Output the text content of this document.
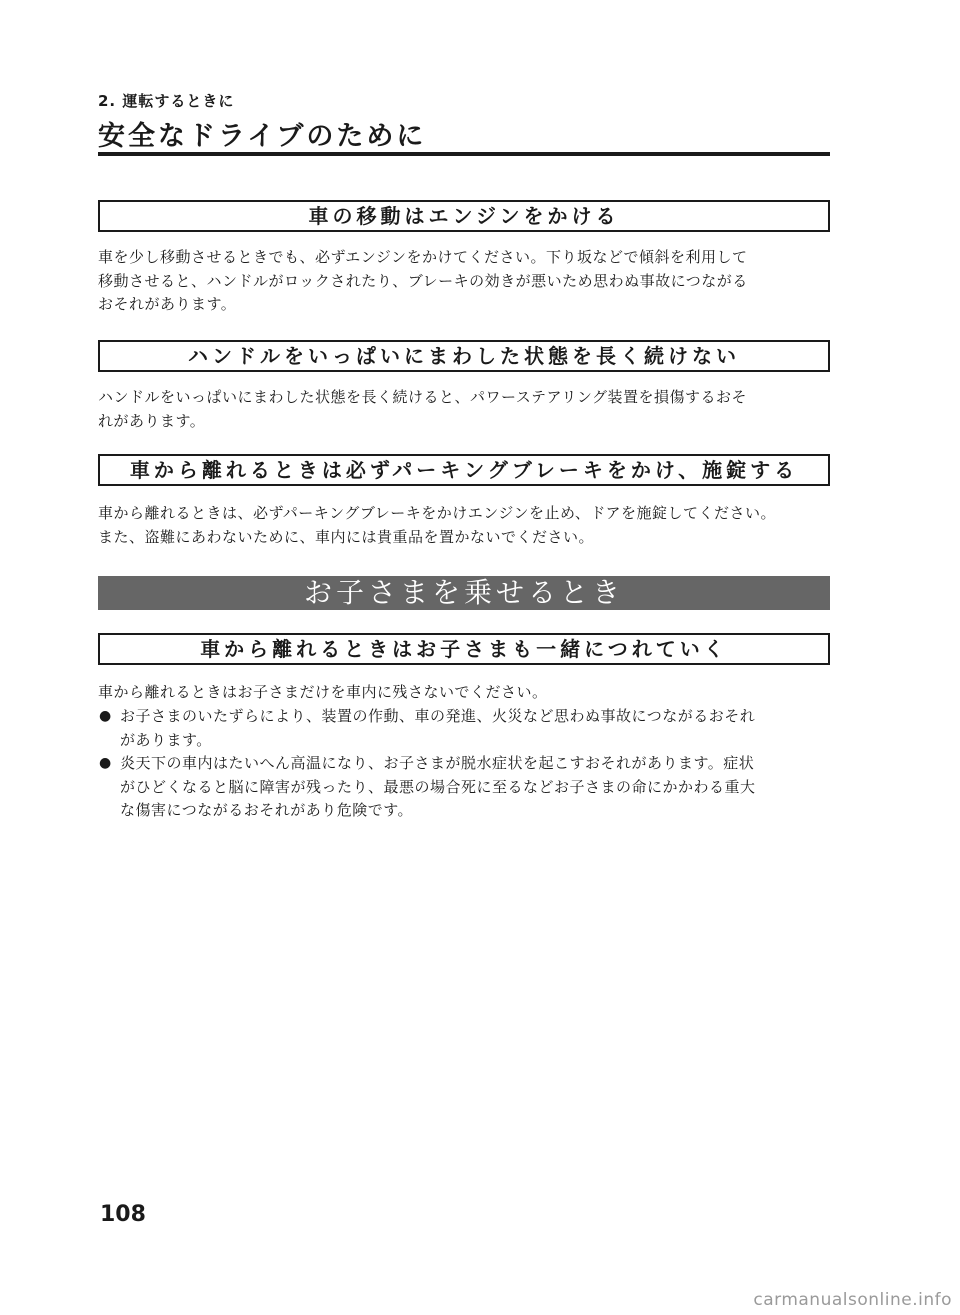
2. 運転するときに
安全なドライブのために
車の移動はエンジンをかける

車を少し移動させるときでも、必ずエンジンをかけてください。下り坂などで傾斜を利用して
移動させると、ハンドルがロックされたり、ブレーキの効きが悪いため思わぬ事故につながる
おそれがあります。

ハンドルをいっぱいにまわした状態を長く続けない

ハンドルをいっぱいにまわした状態を長く続けると、パワーステアリング装置を損傷するおそ
れがあります。

車から離れるときは必ずパーキングブレーキをかけ、施錠する

車から離れるときは、必ずパーキングブレーキをかけエンジンを止め、ドアを施錠してください。
また、盗難にあわないために、車内には貴重品を置かないでください。

お子さまを乗せるとき
車から離れるときはお子さまも一緒につれていく

車から離れるときはお子さまだけを車内に残さないでください。

● お子さまのいたずらにより、装置の作動、車の発進、火災など思わぬ事故につながるおそれ
があります。
● 炎天下の車内はたいへん高温になり、お子さまが脱水症状を起こすおそれがあります。症状
がひどくなると脳に障害が残ったり、最悪の場合死に至るなどお子さまの命にかかわる重大
な傷害につながるおそれがあり危険です。
108
carmanualsonline.info
